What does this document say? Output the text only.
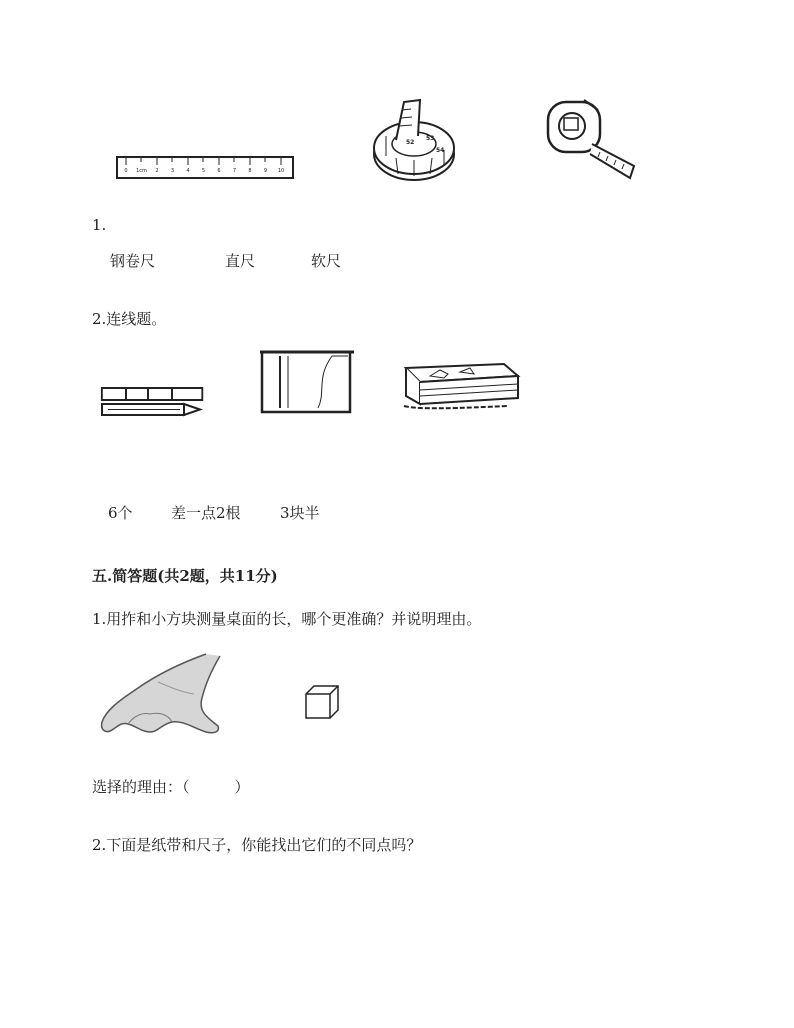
0 1cm 2 3 4 5 6 7 8 9 10
52
53
54
1.
钢卷尺	直尺	软尺
2.连线题。
6个	差一点2根	3块半
五.简答题(共2题，共11分)
1.用拃和小方块测量桌面的长，哪个更准确？并说明理由。
选择的理由：（　　　）
2.下面是纸带和尺子，你能找出它们的不同点吗？
